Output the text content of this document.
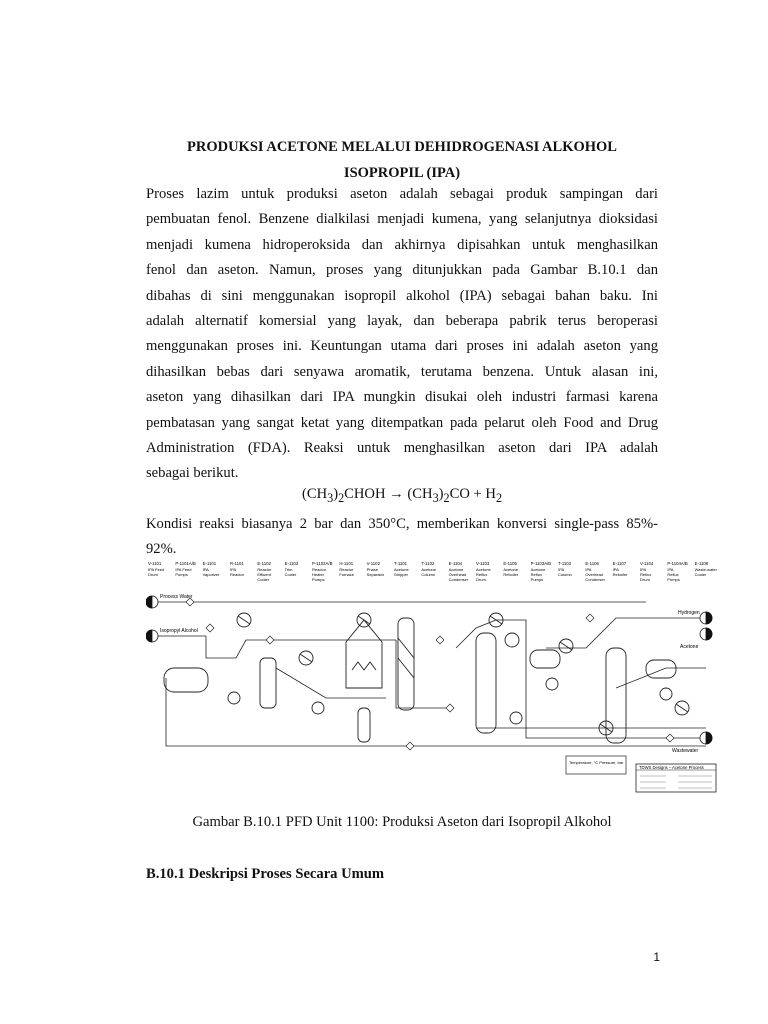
PRODUKSI ACETONE MELALUI DEHIDROGENASI ALKOHOL
ISOPROPIL (IPA)
Proses lazim untuk produksi aseton adalah sebagai produk sampingan dari
pembuatan fenol. Benzene dialkilasi menjadi kumena, yang selanjutnya dioksidasi
menjadi kumena hidroperoksida dan akhirnya dipisahkan untuk menghasilkan
fenol dan aseton. Namun, proses yang ditunjukkan pada Gambar B.10.1 dan
dibahas di sini menggunakan isopropil alkohol (IPA) sebagai bahan baku. Ini
adalah alternatif komersial yang layak, dan beberapa pabrik terus beroperasi
menggunakan proses ini. Keuntungan utama dari proses ini adalah aseton yang
dihasilkan bebas dari senyawa aromatik, terutama benzena. Untuk alasan ini,
aseton yang dihasilkan dari IPA mungkin disukai oleh industri farmasi karena
pembatasan yang sangat ketat yang ditempatkan pada pelarut oleh Food and Drug
Administration (FDA). Reaksi untuk menghasilkan aseton dari IPA adalah
sebagai berikut.
$(CH_3)_2CHOH \to (CH_3)_2CO + H_2$
Kondisi reaksi biasanya 2 bar dan 350°C, memberikan konversi single-pass 85%-
92%.
V-1101
IPA Feed Drum
P-1101A/B
IPA Feed Pumps
E-1101
IPA Vaporizer
R-1101
IPA Reactor
E-1102
Reactor Effluent Cooler
E-1103
Trim Cooler
P-1102A/B
Reactor Heater Pumps
H-1101
Reactor Furnace
V-1102
Phase Separator
T-1101
Acetone Stripper
T-1102
Acetone Column
E-1104
Acetone Overhead Condenser
V-1103
Acetone Reflux Drum
E-1105
Acetone Reboiler
P-1103A/B
Acetone Reflux Pumps
T-1103
IPA Column
E-1106
IPA Overhead Condenser
E-1107
IPA Reboiler
V-1104
IPA Reflux Drum
P-1104A/B
IPA Reflux Pumps
E-1108
Waste-water Cooler
Process Water
Isopropyl Alcohol
Hydrogen
Acetone
Wastewater
Temperature, °C Pressure, bar
TDWS Designs – Acetone Process
Gambar B.10.1 PFD Unit 1100: Produksi Aseton dari Isopropil Alkohol
B.10.1 Deskripsi Proses Secara Umum
1
